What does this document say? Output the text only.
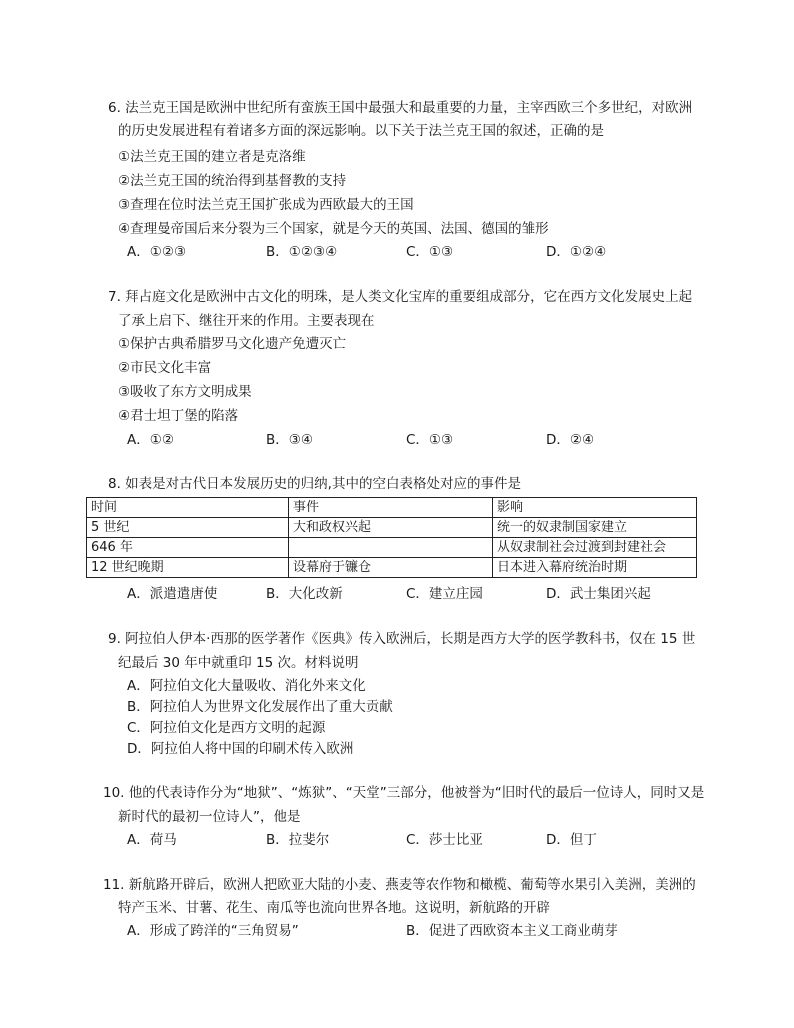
6. 法兰克王国是欧洲中世纪所有蛮族王国中最强大和最重要的力量，主宰西欧三个多世纪，对欧洲
的历史发展进程有着诸多方面的深远影响。以下关于法兰克王国的叙述，正确的是
①法兰克王国的建立者是克洛维
②法兰克王国的统治得到基督教的支持
③查理在位时法兰克王国扩张成为西欧最大的王国
④查理曼帝国后来分裂为三个国家，就是今天的英国、法国、德国的雏形
A．①②③	B．①②③④	C．①③	D．①②④
7. 拜占庭文化是欧洲中古文化的明珠，是人类文化宝库的重要组成部分，它在西方文化发展史上起
了承上启下、继往开来的作用。主要表现在
①保护古典希腊罗马文化遗产免遭灭亡
②市民文化丰富
③吸收了东方文明成果
④君士坦丁堡的陷落
A．①②	B．③④	C．①③	D．②④
8. 如表是对古代日本发展历史的归纳,其中的空白表格处对应的事件是
时间	事件	影响
5 世纪	大和政权兴起	统一的奴隶制国家建立
646 年		从奴隶制社会过渡到封建社会
12 世纪晚期	设幕府于镰仓	日本进入幕府统治时期
A．派遣遣唐使	B．大化改新	C．建立庄园	D．武士集团兴起
9. 阿拉伯人伊本·西那的医学著作《医典》传入欧洲后，长期是西方大学的医学教科书，仅在 15 世
纪最后 30 年中就重印 15 次。材料说明
A．阿拉伯文化大量吸收、消化外来文化
B．阿拉伯人为世界文化发展作出了重大贡献
C．阿拉伯文化是西方文明的起源
D．阿拉伯人将中国的印刷术传入欧洲
10. 他的代表诗作分为“地狱”、“炼狱”、“天堂”三部分，他被誉为“旧时代的最后一位诗人，同时又是
新时代的最初一位诗人”，他是
A．荷马	B．拉斐尔	C．莎士比亚	D．但丁
11. 新航路开辟后，欧洲人把欧亚大陆的小麦、燕麦等农作物和橄榄、葡萄等水果引入美洲，美洲的
特产玉米、甘薯、花生、南瓜等也流向世界各地。这说明，新航路的开辟
A．形成了跨洋的“三角贸易”	B．促进了西欧资本主义工商业萌芽
